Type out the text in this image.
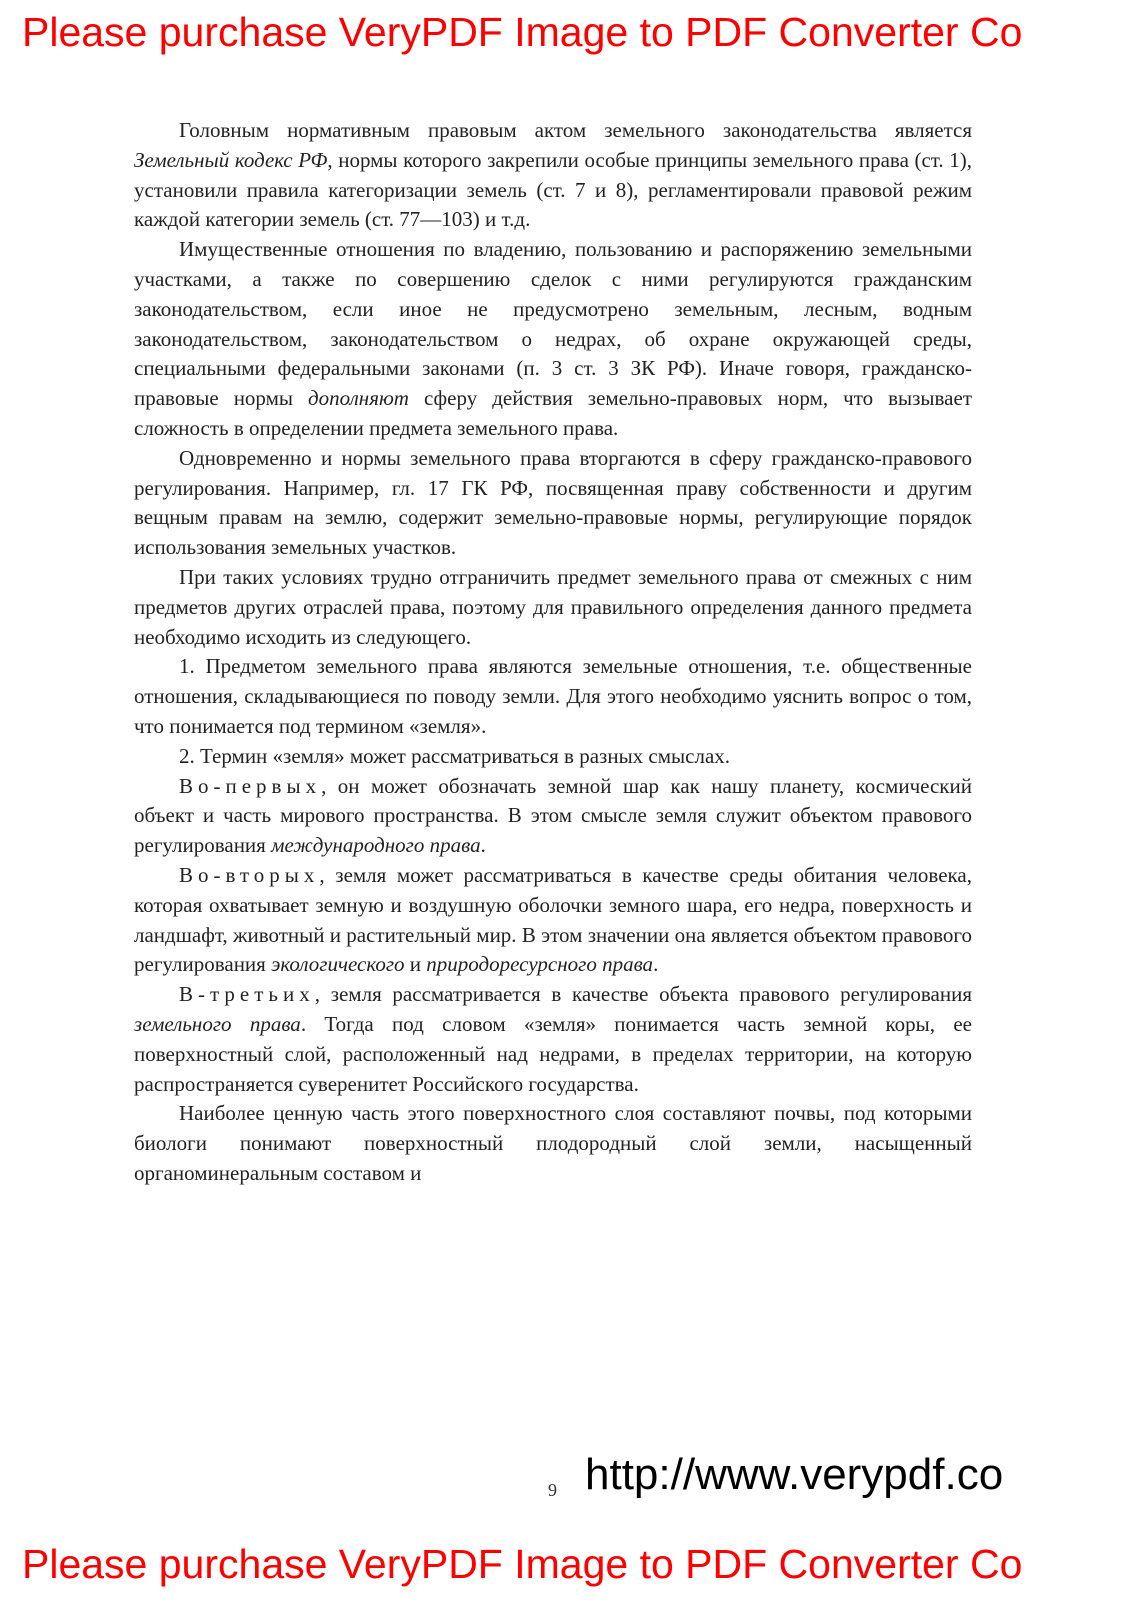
Please purchase VeryPDF Image to PDF Converter Co

Головным нормативным правовым актом земельного законодательства является Земельный кодекс РФ, нормы которого закрепили особые принципы земельного права (ст. 1), установили правила категоризации земель (ст. 7 и 8), регламентировали правовой режим каждой категории земель (ст. 77—103) и т.д.

Имущественные отношения по владению, пользованию и распоряжению земельными участками, а также по совершению сделок с ними регулируются гражданским законодательством, если иное не предусмотрено земельным, лесным, водным законодательством, законодательством о недрах, об охране окружающей среды, специальными федеральными законами (п. 3 ст. 3 ЗК РФ). Иначе говоря, гражданско-правовые нормы дополняют сферу действия земельно-правовых норм, что вызывает сложность в определении предмета земельного права.

Одновременно и нормы земельного права вторгаются в сферу гражданско-правового регулирования. Например, гл. 17 ГК РФ, посвященная праву собственности и другим вещным правам на землю, содержит земельно-правовые нормы, регулирующие порядок использования земельных участков.

При таких условиях трудно отграничить предмет земельного права от смежных с ним предметов других отраслей права, поэтому для правильного определения данного предмета необходимо исходить из следующего.

1. Предметом земельного права являются земельные отношения, т.е. общественные отношения, складывающиеся по поводу земли. Для этого необходимо уяснить вопрос о том, что понимается под термином «земля».

2. Термин «земля» может рассматриваться в разных смыслах.

Во-первых, он может обозначать земной шар как нашу планету, космический объект и часть мирового пространства. В этом смысле земля служит объектом правового регулирования международного права.

Во-вторых, земля может рассматриваться в качестве среды обитания человека, которая охватывает земную и воздушную оболочки земного шара, его недра, поверхность и ландшафт, животный и растительный мир. В этом значении она является объектом правового регулирования экологического и природоресурсного права.

В-третьих, земля рассматривается в качестве объекта правового регулирования земельного права. Тогда под словом «земля» понимается часть земной коры, ее поверхностный слой, расположенный над недрами, в пределах территории, на которую распространяется суверенитет Российского государства.

Наиболее ценную часть этого поверхностного слоя составляют почвы, под которыми биологи понимают поверхностный плодородный слой земли, насыщенный органоминеральным составом и

9 http://www.verypdf.co
Please purchase VeryPDF Image to PDF Converter Co
